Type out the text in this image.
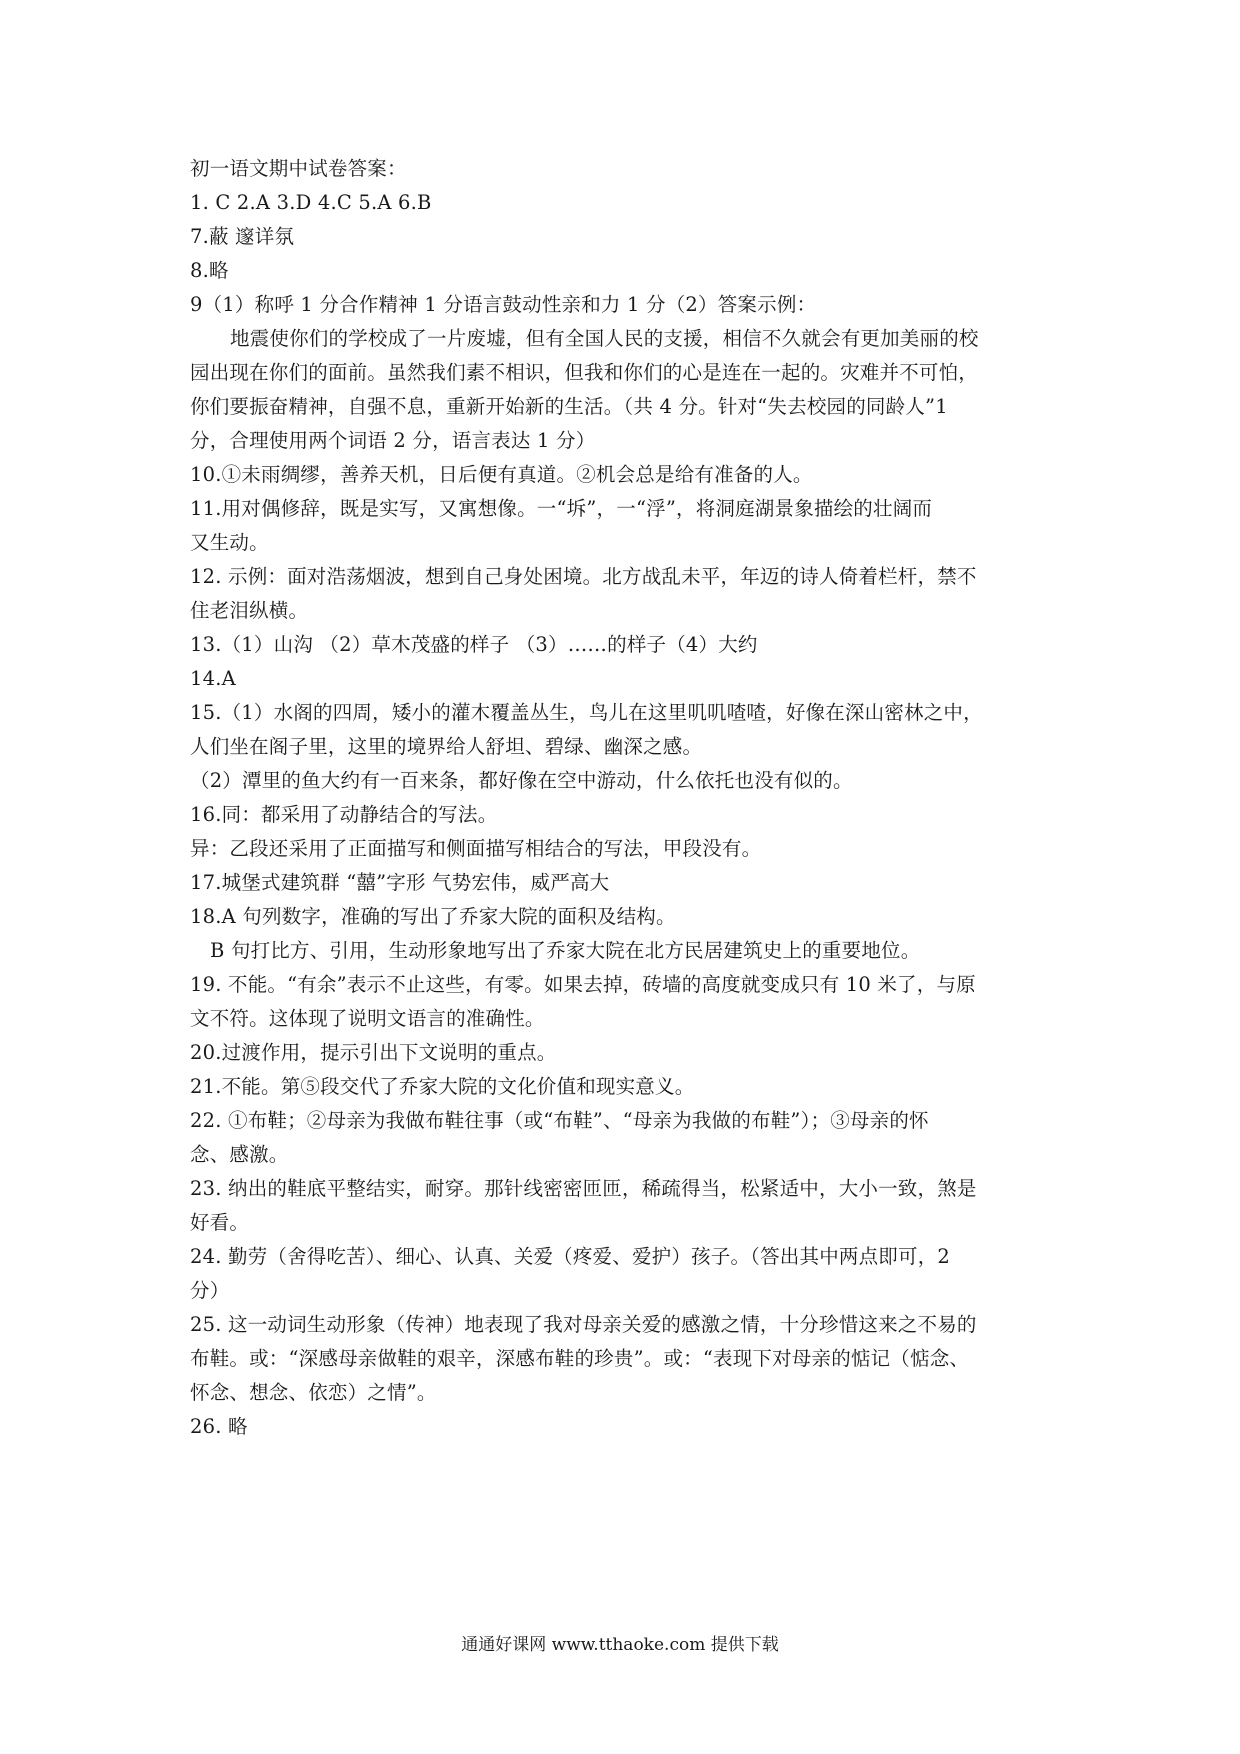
初一语文期中试卷答案：
1. C 2.A 3.D 4.C 5.A 6.B
7.蔽 邃详氛
8.略
9（1）称呼 1 分合作精神 1 分语言鼓动性亲和力 1 分（2）答案示例：
地震使你们的学校成了一片废墟，但有全国人民的支援，相信不久就会有更加美丽的校
园出现在你们的面前。虽然我们素不相识，但我和你们的心是连在一起的。灾难并不可怕，
你们要振奋精神，自强不息，重新开始新的生活。（共 4 分。针对“失去校园的同龄人”1
分，合理使用两个词语 2 分，语言表达 1 分）
10.①未雨绸缪，善养天机，日后便有真道。②机会总是给有准备的人。
11.用对偶修辞，既是实写，又寓想像。一“坼”，一“浮”，将洞庭湖景象描绘的壮阔而
又生动。
12. 示例：面对浩荡烟波，想到自己身处困境。北方战乱未平，年迈的诗人倚着栏杆，禁不
住老泪纵横。
13.（1）山沟 （2）草木茂盛的样子 （3）……的样子（4）大约
14.A
15.（1）水阁的四周，矮小的灌木覆盖丛生，鸟儿在这里叽叽喳喳，好像在深山密林之中，
人们坐在阁子里，这里的境界给人舒坦、碧绿、幽深之感。
（2）潭里的鱼大约有一百来条，都好像在空中游动，什么依托也没有似的。
16.同：都采用了动静结合的写法。
异：乙段还采用了正面描写和侧面描写相结合的写法，甲段没有。
17.城堡式建筑群 “囍”字形 气势宏伟，威严高大
18.A 句列数字，准确的写出了乔家大院的面积及结构。
B 句打比方、引用，生动形象地写出了乔家大院在北方民居建筑史上的重要地位。
19. 不能。“有余”表示不止这些，有零。如果去掉，砖墙的高度就变成只有 10 米了，与原
文不符。这体现了说明文语言的准确性。
20.过渡作用，提示引出下文说明的重点。
21.不能。第⑤段交代了乔家大院的文化价值和现实意义。
22. ①布鞋；②母亲为我做布鞋往事（或“布鞋”、“母亲为我做的布鞋”）；③母亲的怀
念、感激。
23. 纳出的鞋底平整结实，耐穿。那针线密密匝匝，稀疏得当，松紧适中，大小一致，煞是
好看。
24. 勤劳（舍得吃苦）、细心、认真、关爱（疼爱、爱护）孩子。（答出其中两点即可，2
分）
25. 这一动词生动形象（传神）地表现了我对母亲关爱的感激之情，十分珍惜这来之不易的
布鞋。或：“深感母亲做鞋的艰辛，深感布鞋的珍贵”。或：“表现下对母亲的惦记（惦念、
怀念、想念、依恋）之情”。
26. 略
通通好课网 www.tthaoke.com 提供下载
